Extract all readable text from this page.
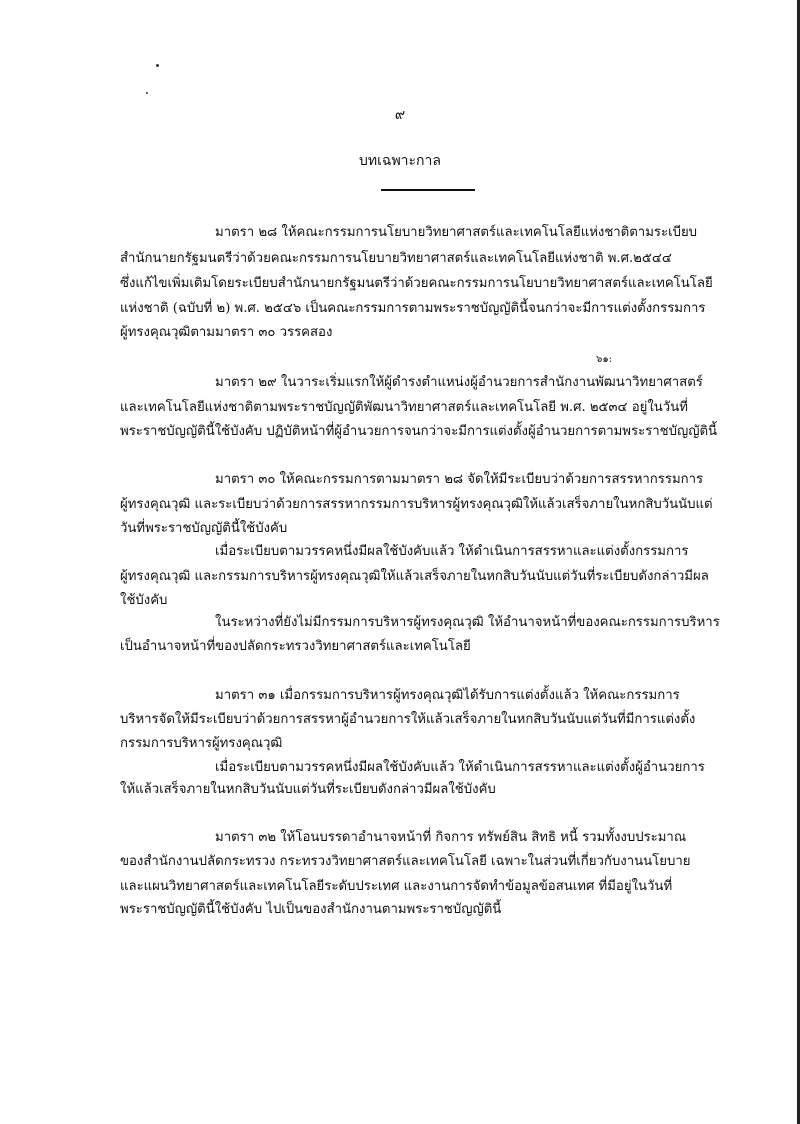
๙
บทเฉพาะกาล
มาตรา ๒๘ ให้คณะกรรมการนโยบายวิทยาศาสตร์และเทคโนโลยีแห่งชาติตามระเบียบ
สำนักนายกรัฐมนตรีว่าด้วยคณะกรรมการนโยบายวิทยาศาสตร์และเทคโนโลยีแห่งชาติ พ.ศ.๒๕๔๔
ซึ่งแก้ไขเพิ่มเติมโดยระเบียบสำนักนายกรัฐมนตรีว่าด้วยคณะกรรมการนโยบายวิทยาศาสตร์และเทคโนโลยี
แห่งชาติ (ฉบับที่ ๒) พ.ศ. ๒๕๔๖ เป็นคณะกรรมการตามพระราชบัญญัตินี้จนกว่าจะมีการแต่งตั้งกรรมการ
ผู้ทรงคุณวุฒิตามมาตรา ๓๐ วรรคสอง
๖๑:
มาตรา ๒๙ ในวาระเริ่มแรกให้ผู้ดำรงตำแหน่งผู้อำนวยการสำนักงานพัฒนาวิทยาศาสตร์
และเทคโนโลยีแห่งชาติตามพระราชบัญญัติพัฒนาวิทยาศาสตร์และเทคโนโลยี พ.ศ. ๒๕๓๔ อยู่ในวันที่
พระราชบัญญัตินี้ใช้บังคับ ปฏิบัติหน้าที่ผู้อำนวยการจนกว่าจะมีการแต่งตั้งผู้อำนวยการตามพระราชบัญญัตินี้
มาตรา ๓๐ ให้คณะกรรมการตามมาตรา ๒๘ จัดให้มีระเบียบว่าด้วยการสรรหากรรมการ
ผู้ทรงคุณวุฒิ และระเบียบว่าด้วยการสรรหากรรมการบริหารผู้ทรงคุณวุฒิให้แล้วเสร็จภายในหกสิบวันนับแต่
วันที่พระราชบัญญัตินี้ใช้บังคับ
เมื่อระเบียบตามวรรคหนึ่งมีผลใช้บังคับแล้ว ให้ดำเนินการสรรหาและแต่งตั้งกรรมการ
ผู้ทรงคุณวุฒิ และกรรมการบริหารผู้ทรงคุณวุฒิให้แล้วเสร็จภายในหกสิบวันนับแต่วันที่ระเบียบดังกล่าวมีผล
ใช้บังคับ
ในระหว่างที่ยังไม่มีกรรมการบริหารผู้ทรงคุณวุฒิ ให้อำนาจหน้าที่ของคณะกรรมการบริหาร
เป็นอำนาจหน้าที่ของปลัดกระทรวงวิทยาศาสตร์และเทคโนโลยี
มาตรา ๓๑ เมื่อกรรมการบริหารผู้ทรงคุณวุฒิได้รับการแต่งตั้งแล้ว ให้คณะกรรมการ
บริหารจัดให้มีระเบียบว่าด้วยการสรรหาผู้อำนวยการให้แล้วเสร็จภายในหกสิบวันนับแต่วันที่มีการแต่งตั้ง
กรรมการบริหารผู้ทรงคุณวุฒิ
เมื่อระเบียบตามวรรคหนึ่งมีผลใช้บังคับแล้ว ให้ดำเนินการสรรหาและแต่งตั้งผู้อำนวยการ
ให้แล้วเสร็จภายในหกสิบวันนับแต่วันที่ระเบียบดังกล่าวมีผลใช้บังคับ
มาตรา ๓๒ ให้โอนบรรดาอำนาจหน้าที่ กิจการ ทรัพย์สิน สิทธิ หนี้ รวมทั้งงบประมาณ
ของสำนักงานปลัดกระทรวง กระทรวงวิทยาศาสตร์และเทคโนโลยี เฉพาะในส่วนที่เกี่ยวกับงานนโยบาย
และแผนวิทยาศาสตร์และเทคโนโลยีระดับประเทศ และงานการจัดทำข้อมูลข้อสนเทศ ที่มีอยู่ในวันที่
พระราชบัญญัตินี้ใช้บังคับ ไปเป็นของสำนักงานตามพระราชบัญญัตินี้
